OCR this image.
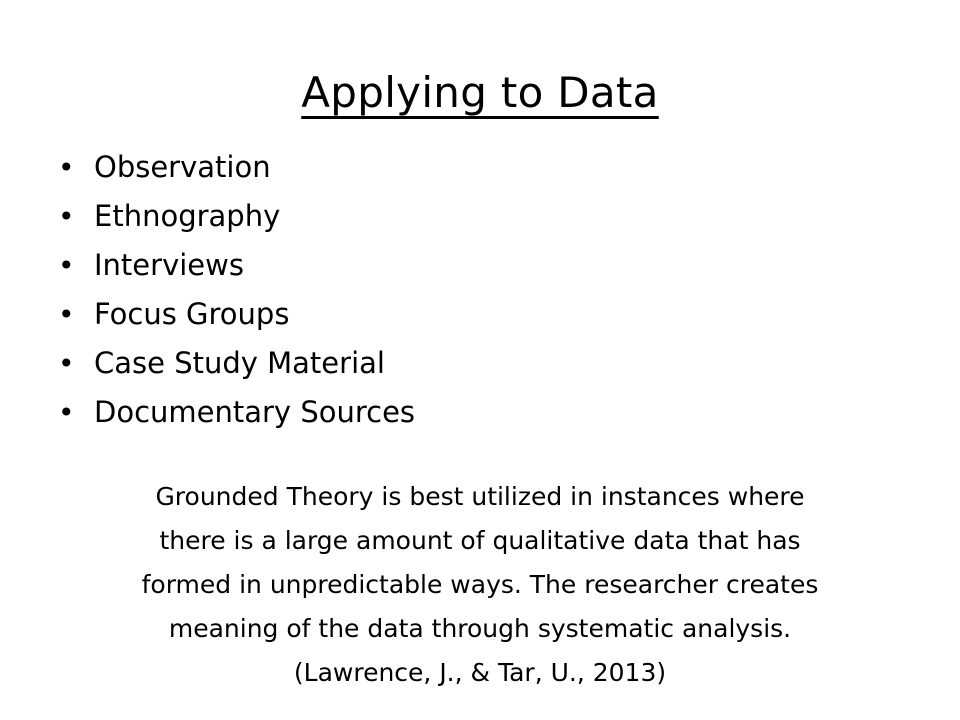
Applying to Data
• Observation
• Ethnography
• Interviews
• Focus Groups
• Case Study Material
• Documentary Sources

Grounded Theory is best utilized in instances where
there is a large amount of qualitative data that has
formed in unpredictable ways. The researcher creates
meaning of the data through systematic analysis.
(Lawrence, J., & Tar, U., 2013)
